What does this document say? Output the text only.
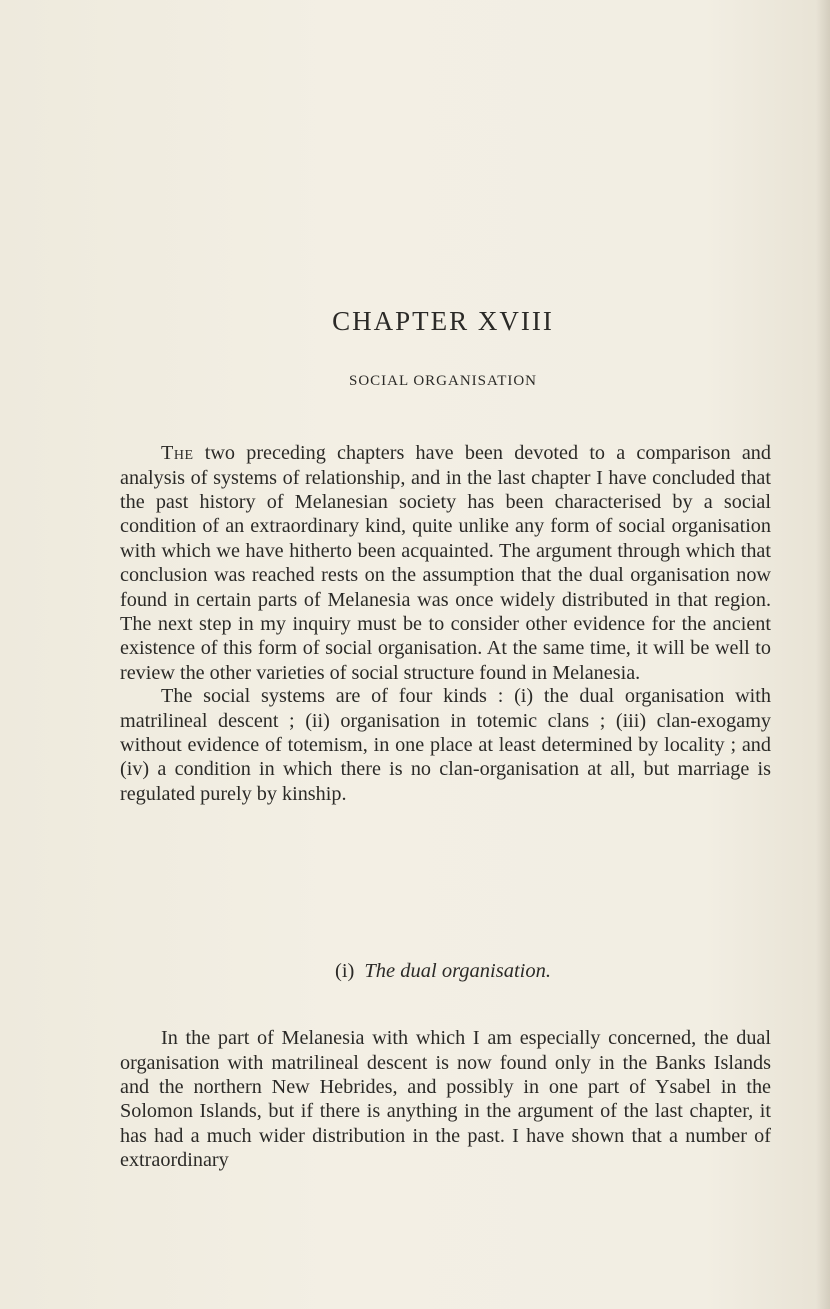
CHAPTER XVIII
SOCIAL ORGANISATION

The two preceding chapters have been devoted to a comparison and analysis of systems of relationship, and in the last chapter I have concluded that the past history of Melanesian society has been characterised by a social condition of an extraordinary kind, quite unlike any form of social organisation with which we have hitherto been acquainted. The argument through which that conclusion was reached rests on the assumption that the dual organisation now found in certain parts of Melanesia was once widely distributed in that region. The next step in my inquiry must be to consider other evidence for the ancient existence of this form of social organisation. At the same time, it will be well to review the other varieties of social structure found in Melanesia.

The social systems are of four kinds : (i) the dual organisation with matrilineal descent ; (ii) organisation in totemic clans ; (iii) clan-exogamy without evidence of totemism, in one place at least determined by locality ; and (iv) a condition in which there is no clan-organisation at all, but marriage is regulated purely by kinship.

(i) The dual organisation.

In the part of Melanesia with which I am especially concerned, the dual organisation with matrilineal descent is now found only in the Banks Islands and the northern New Hebrides, and possibly in one part of Ysabel in the Solomon Islands, but if there is anything in the argument of the last chapter, it has had a much wider distribution in the past. I have shown that a number of extraordinary
